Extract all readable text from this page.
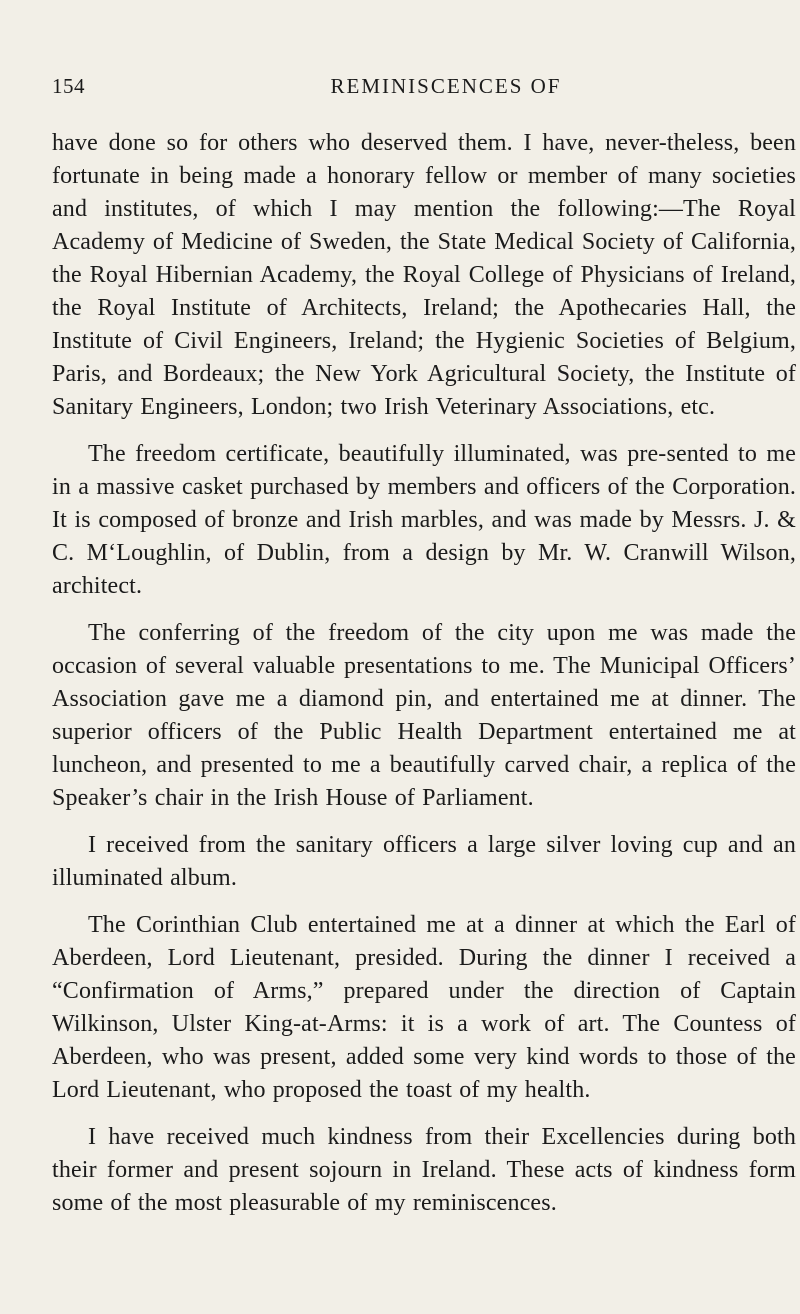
154	REMINISCENCES OF

have done so for others who deserved them. I have, never-theless, been fortunate in being made a honorary fellow or member of many societies and institutes, of which I may mention the following:—The Royal Academy of Medicine of Sweden, the State Medical Society of California, the Royal Hibernian Academy, the Royal College of Physicians of Ireland, the Royal Institute of Architects, Ireland; the Apothecaries Hall, the Institute of Civil Engineers, Ireland; the Hygienic Societies of Belgium, Paris, and Bordeaux; the New York Agricultural Society, the Institute of Sanitary Engineers, London; two Irish Veterinary Associations, etc.

The freedom certificate, beautifully illuminated, was pre-sented to me in a massive casket purchased by members and officers of the Corporation. It is composed of bronze and Irish marbles, and was made by Messrs. J. & C. M‘Loughlin, of Dublin, from a design by Mr. W. Cranwill Wilson, architect.

The conferring of the freedom of the city upon me was made the occasion of several valuable presentations to me. The Municipal Officers’ Association gave me a diamond pin, and entertained me at dinner. The superior officers of the Public Health Department entertained me at luncheon, and presented to me a beautifully carved chair, a replica of the Speaker’s chair in the Irish House of Parliament.

I received from the sanitary officers a large silver loving cup and an illuminated album.

The Corinthian Club entertained me at a dinner at which the Earl of Aberdeen, Lord Lieutenant, presided. During the dinner I received a “Confirmation of Arms,” prepared under the direction of Captain Wilkinson, Ulster King-at-Arms: it is a work of art. The Countess of Aberdeen, who was present, added some very kind words to those of the Lord Lieutenant, who proposed the toast of my health.

I have received much kindness from their Excellencies during both their former and present sojourn in Ireland. These acts of kindness form some of the most pleasurable of my reminiscences.
